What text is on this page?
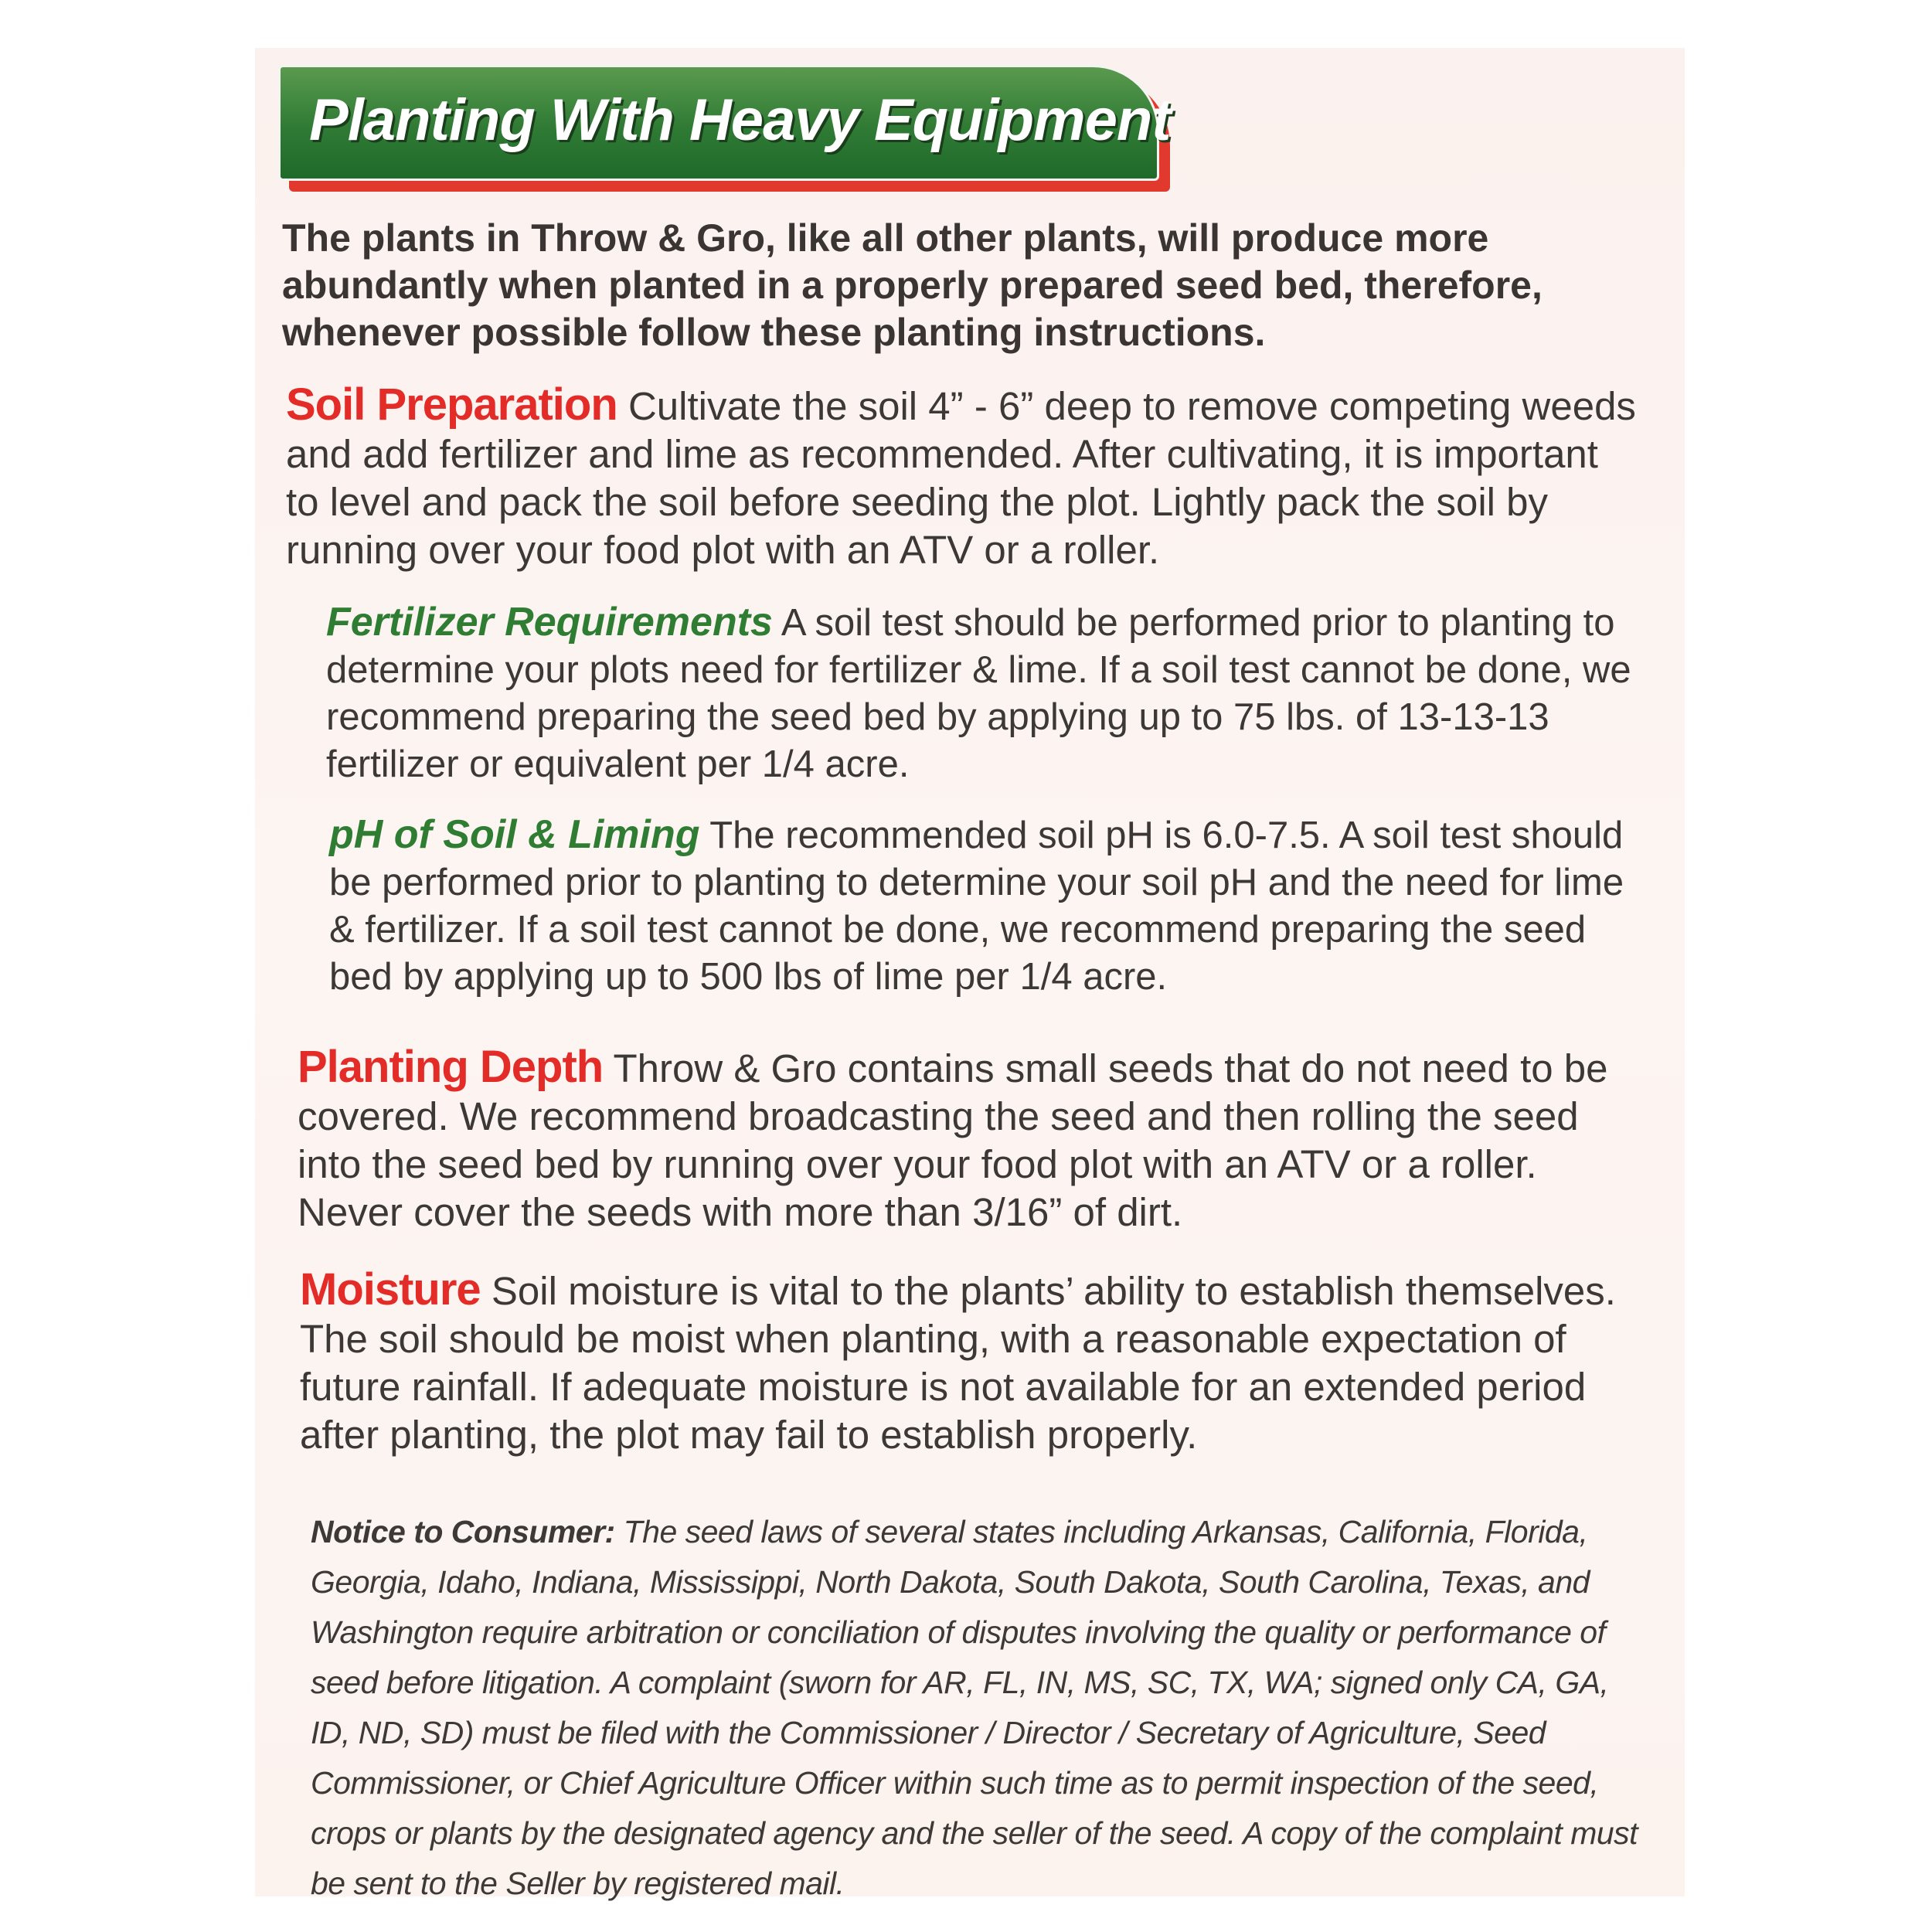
Planting With Heavy Equipment
The plants in Throw & Gro, like all other plants, will produce more abundantly when planted in a properly prepared seed bed, therefore, whenever possible follow these planting instructions.
Soil Preparation Cultivate the soil 4” - 6” deep to remove competing weeds and add fertilizer and lime as recommended. After cultivating, it is important to level and pack the soil before seeding the plot. Lightly pack the soil by running over your food plot with an ATV or a roller.
Fertilizer Requirements A soil test should be performed prior to planting to determine your plots need for fertilizer & lime. If a soil test cannot be done, we recommend preparing the seed bed by applying up to 75 lbs. of 13-13-13 fertilizer or equivalent per 1/4 acre.
pH of Soil & Liming The recommended soil pH is 6.0-7.5. A soil test should be performed prior to planting to determine your soil pH and the need for lime & fertilizer. If a soil test cannot be done, we recommend preparing the seed bed by applying up to 500 lbs of lime per 1/4 acre.
Planting Depth Throw & Gro contains small seeds that do not need to be covered. We recommend broadcasting the seed and then rolling the seed into the seed bed by running over your food plot with an ATV or a roller. Never cover the seeds with more than 3/16” of dirt.
Moisture Soil moisture is vital to the plants’ ability to establish themselves. The soil should be moist when planting, with a reasonable expectation of future rainfall. If adequate moisture is not available for an extended period after planting, the plot may fail to establish properly.
Notice to Consumer: The seed laws of several states including Arkansas, California, Florida, Georgia, Idaho, Indiana, Mississippi, North Dakota, South Dakota, South Carolina, Texas, and Washington require arbitration or conciliation of disputes involving the quality or performance of seed before litigation. A complaint (sworn for AR, FL, IN, MS, SC, TX, WA; signed only CA, GA, ID, ND, SD) must be filed with the Commissioner / Director / Secretary of Agriculture, Seed Commissioner, or Chief Agriculture Officer within such time as to permit inspection of the seed, crops or plants by the designated agency and the seller of the seed. A copy of the complaint must be sent to the Seller by registered mail.
